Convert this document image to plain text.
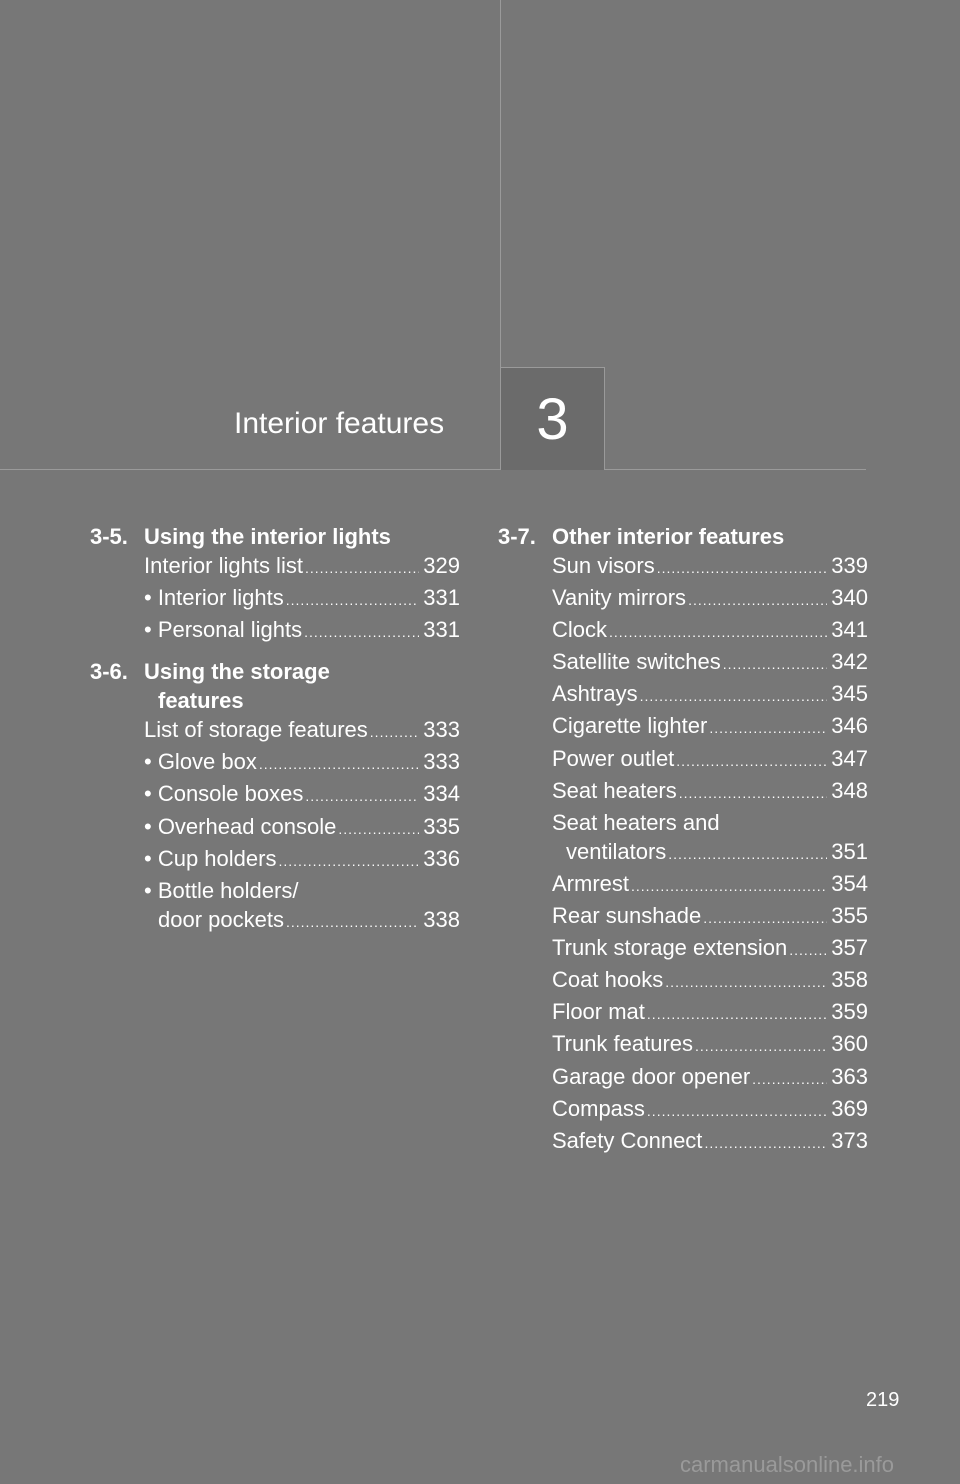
Interior features 3
3-5. Using the interior lights
Interior lights list .....	329
• Interior lights .....	331
• Personal lights .....	331
3-6. Using the storage
features
List of storage features .....	333
• Glove box .....	333
• Console boxes .....	334
• Overhead console .....	335
• Cup holders .....	336
• Bottle holders/
door pockets .....	338
3-7. Other interior features
Sun visors .....	339
Vanity mirrors .....	340
Clock .....	341
Satellite switches .....	342
Ashtrays .....	345
Cigarette lighter .....	346
Power outlet .....	347
Seat heaters .....	348
Seat heaters and
ventilators .....	351
Armrest .....	354
Rear sunshade .....	355
Trunk storage extension ..... 357
Coat hooks .....	358
Floor mat .....	359
Trunk features .....	360
Garage door opener .....	363
Compass .....	369
Safety Connect .....	373
219
carmanualsonline.info
